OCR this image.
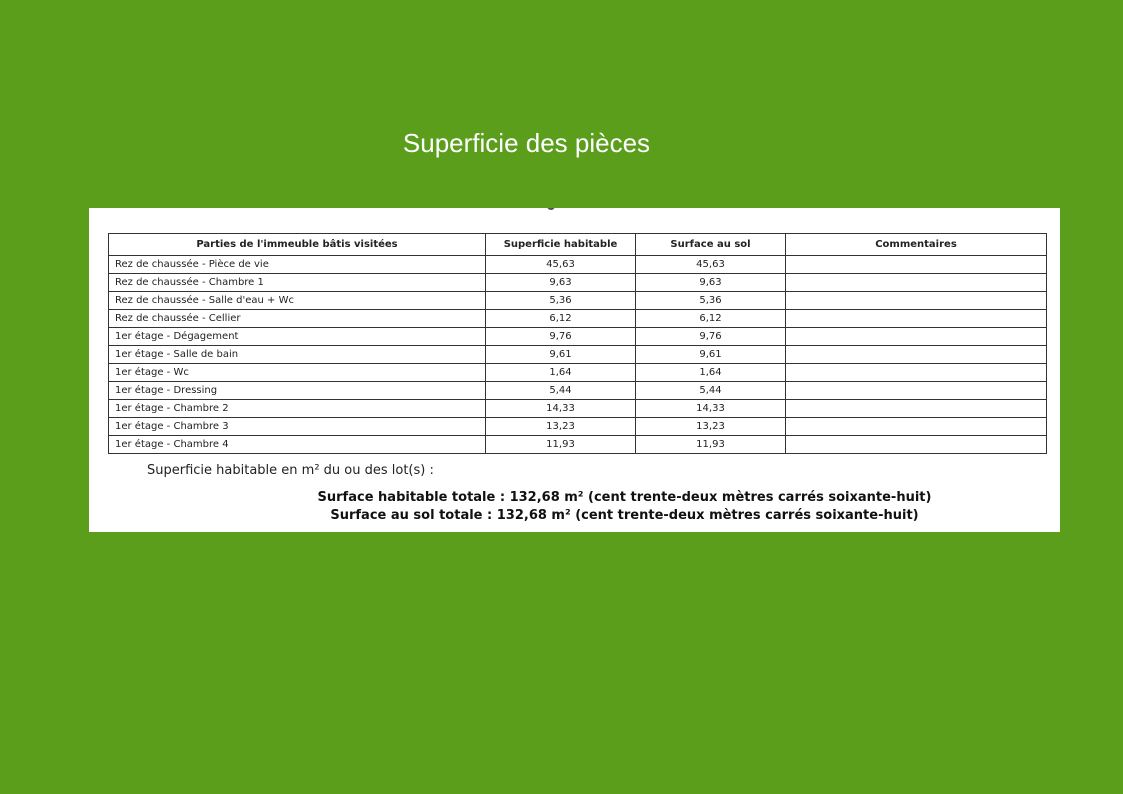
Superficie des pièces
Parties de l'immeuble bâtis visitées	Superficie habitable	Surface au sol	Commentaires
Rez de chaussée - Pièce de vie	45,63	45,63	
Rez de chaussée - Chambre 1	9,63	9,63	
Rez de chaussée - Salle d'eau + Wc	5,36	5,36	
Rez de chaussée - Cellier	6,12	6,12	
1er étage - Dégagement	9,76	9,76	
1er étage - Salle de bain	9,61	9,61	
1er étage - Wc	1,64	1,64	
1er étage - Dressing	5,44	5,44	
1er étage - Chambre 2	14,33	14,33	
1er étage - Chambre 3	13,23	13,23	
1er étage - Chambre 4	11,93	11,93	
Superficie habitable en m² du ou des lot(s) :
Surface habitable totale : 132,68 m² (cent trente-deux mètres carrés soixante-huit)
Surface au sol totale : 132,68 m² (cent trente-deux mètres carrés soixante-huit)
